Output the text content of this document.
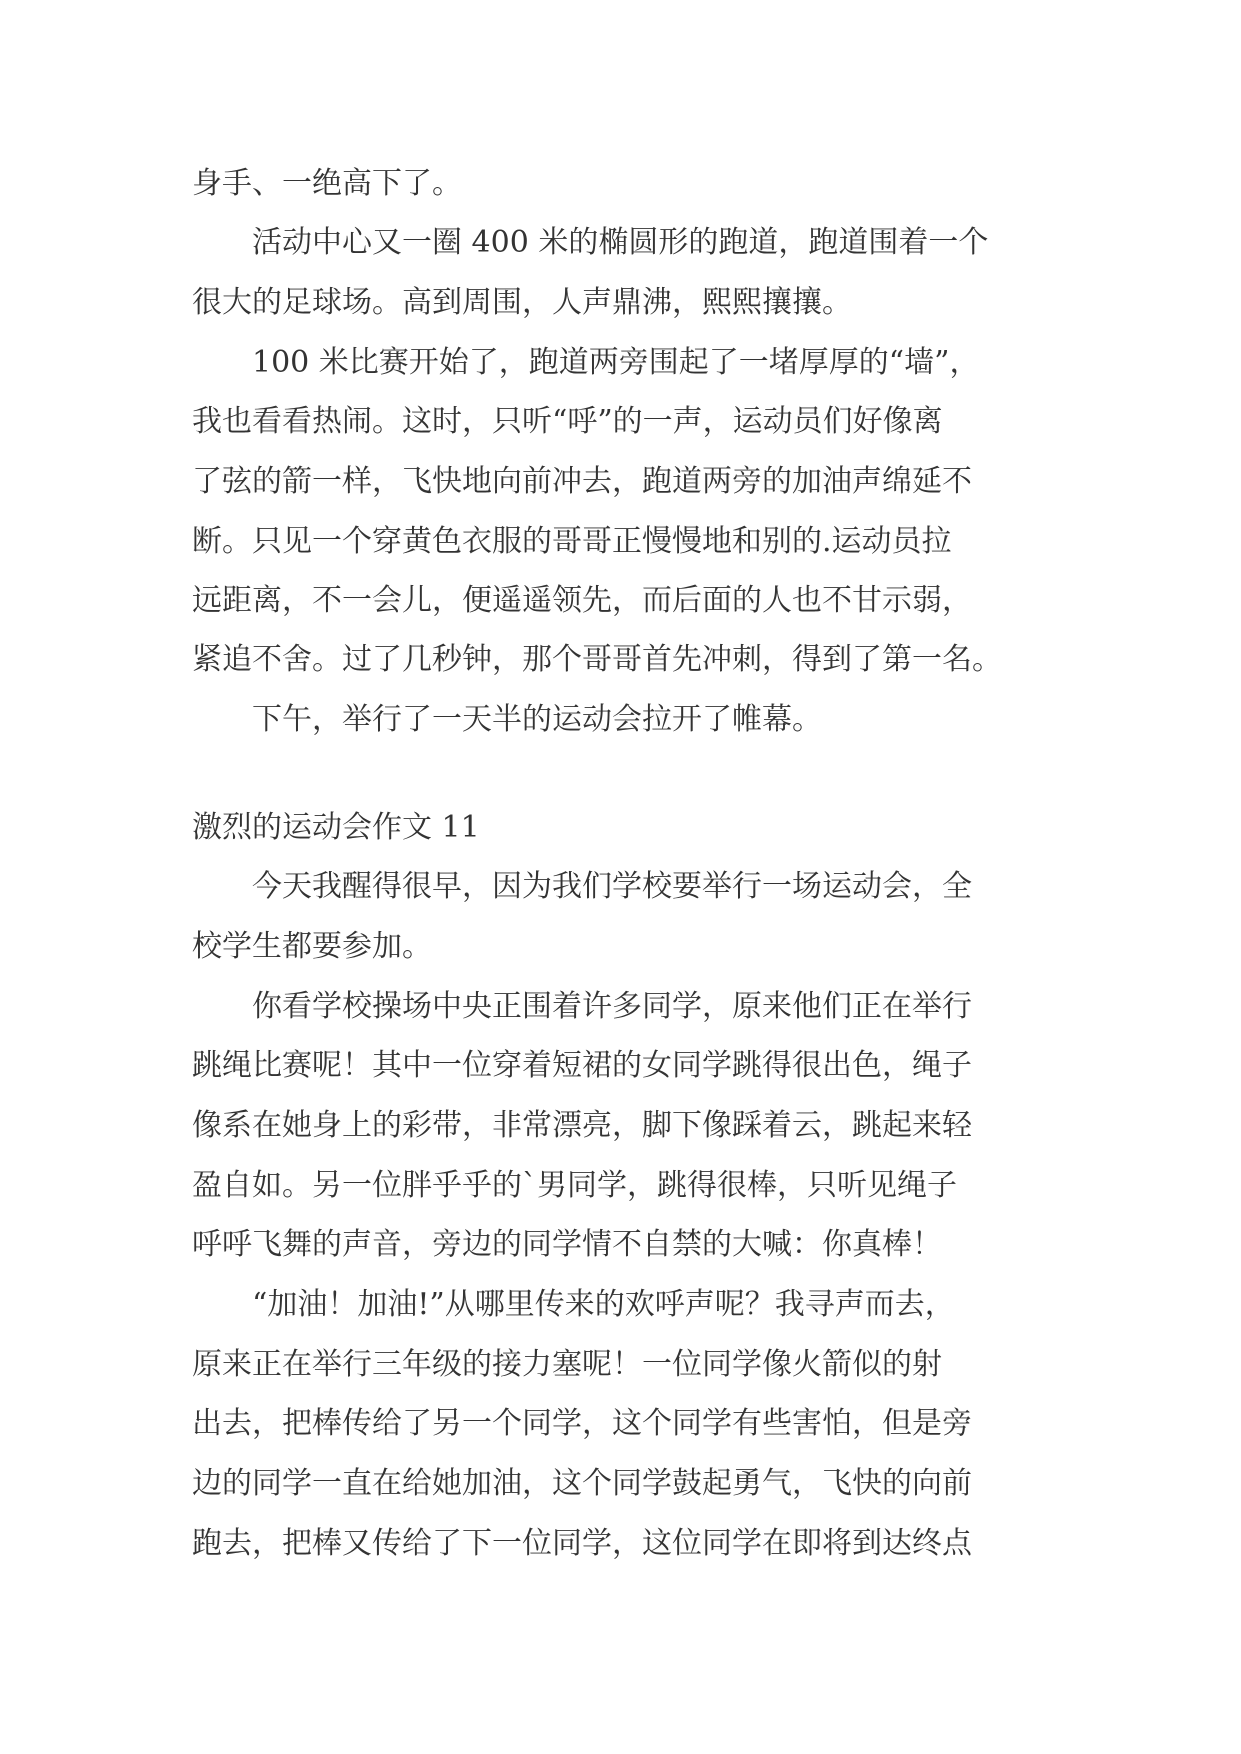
身手、一绝高下了。
　　活动中心又一圈 400 米的椭圆形的跑道，跑道围着一个
很大的足球场。高到周围，人声鼎沸，熙熙攘攘。
　　100 米比赛开始了，跑道两旁围起了一堵厚厚的“墙”，
我也看看热闹。这时，只听“呼”的一声，运动员们好像离
了弦的箭一样，飞快地向前冲去，跑道两旁的加油声绵延不
断。只见一个穿黄色衣服的哥哥正慢慢地和别的.运动员拉
远距离，不一会儿，便遥遥领先，而后面的人也不甘示弱，
紧追不舍。过了几秒钟，那个哥哥首先冲刺，得到了第一名。
　　下午，举行了一天半的运动会拉开了帷幕。
激烈的运动会作文 11
　　今天我醒得很早，因为我们学校要举行一场运动会，全
校学生都要参加。
　　你看学校操场中央正围着许多同学，原来他们正在举行
跳绳比赛呢！其中一位穿着短裙的女同学跳得很出色，绳子
像系在她身上的彩带，非常漂亮，脚下像踩着云，跳起来轻
盈自如。另一位胖乎乎的`男同学，跳得很棒，只听见绳子
呼呼飞舞的声音，旁边的同学情不自禁的大喊：你真棒！
　　“加油！加油!”从哪里传来的欢呼声呢？我寻声而去，
原来正在举行三年级的接力塞呢！一位同学像火箭似的射
出去，把棒传给了另一个同学，这个同学有些害怕，但是旁
边的同学一直在给她加油，这个同学鼓起勇气，飞快的向前
跑去，把棒又传给了下一位同学，这位同学在即将到达终点
